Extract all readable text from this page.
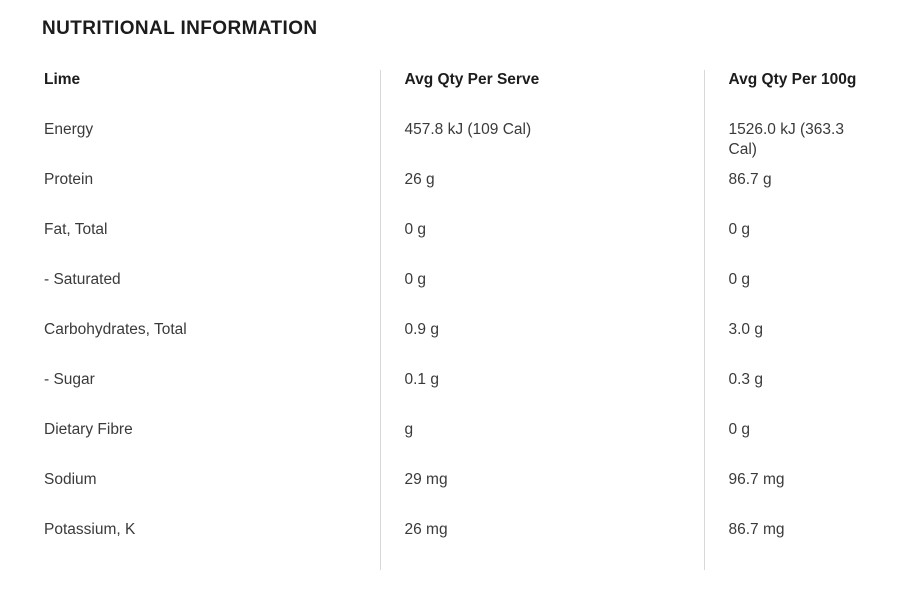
NUTRITIONAL INFORMATION
Lime	Avg Qty Per Serve	Avg Qty Per 100g
Energy	457.8 kJ (109 Cal)	1526.0 kJ (363.3 Cal)
Protein	26 g	86.7 g
Fat, Total	0 g	0 g
- Saturated	0 g	0 g
Carbohydrates, Total	0.9 g	3.0 g
- Sugar	0.1 g	0.3 g
Dietary Fibre	g	0 g
Sodium	29 mg	96.7 mg
Potassium, K	26 mg	86.7 mg
